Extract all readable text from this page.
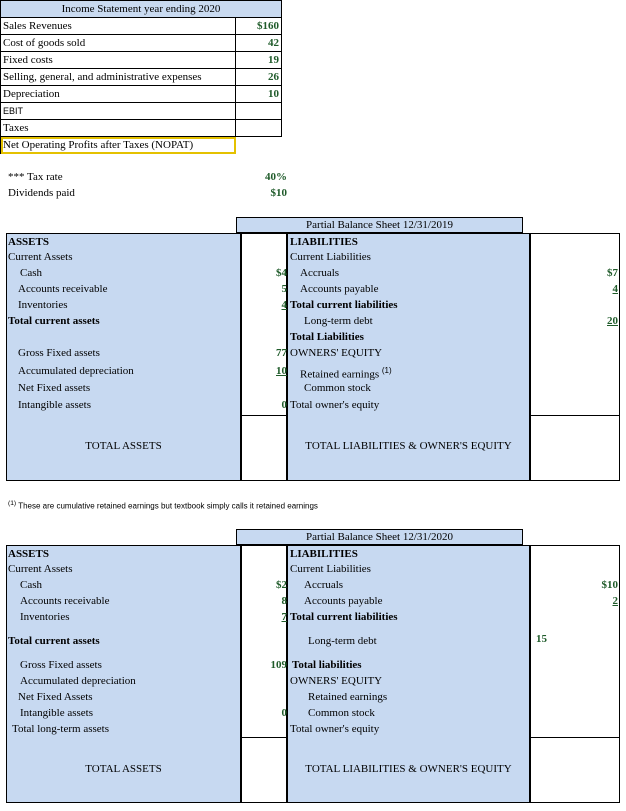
Income Statement year ending 2020	
Sales Revenues	$160
Cost of goods sold	42
Fixed costs	19
Selling, general, and administrative expenses	26
Depreciation	10
EBIT	
Taxes	
Net Operating Profits after Taxes (NOPAT)	
*** Tax rate	40%
Dividends paid	$10
Partial Balance Sheet 12/31/2019
ASSETS
Current Assets
Cash	$4
Accounts receivable	5
Inventories	4
Total current assets
Gross Fixed assets	77
Accumulated depreciation	10
Net Fixed assets
Intangible assets	0
TOTAL ASSETS
LIABILITIES
Current Liabilities
Accruals	$7
Accounts payable	4
Total current liabilities
Long-term debt	20
Total Liabilities
OWNERS' EQUITY
Retained earnings $^{(1)}$
Common stock
Total owner's equity
TOTAL LIABILITIES & OWNER'S EQUITY
$^{(1)}$ These are cumulative retained earnings but textbook simply calls it retained earnings
Partial Balance Sheet 12/31/2020
ASSETS
Current Assets
Cash	$2
Accounts receivable	8
Inventories	7
Total current assets
Gross Fixed assets	109
Accumulated depreciation
Net Fixed Assets
Intangible assets	0
Total long-term assets
TOTAL ASSETS
LIABILITIES
Current Liabilities
Accruals	$10
Accounts payable	2
Total current liabilities
Long-term debt	15
Total liabilities
OWNERS' EQUITY
Retained earnings
Common stock
Total owner's equity
TOTAL LIABILITIES & OWNER'S EQUITY
